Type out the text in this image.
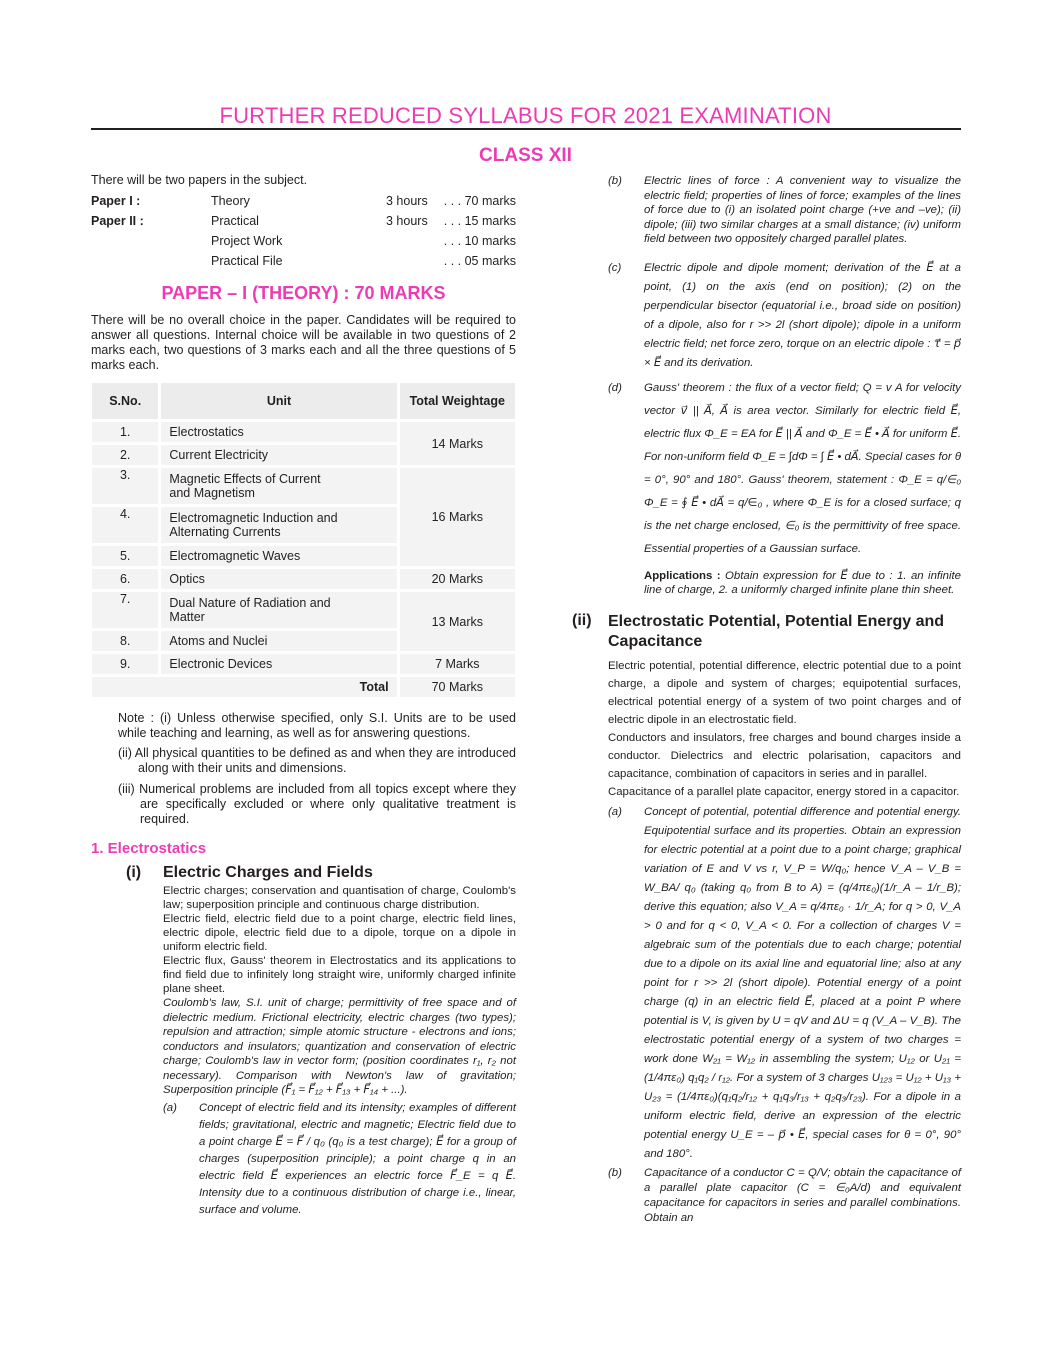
FURTHER REDUCED SYLLABUS FOR 2021 EXAMINATION
CLASS XII
There will be two papers in the subject.
Paper I :	Theory	3 hours	. . . 70 marks
Paper II :	Practical	3 hours	. . . 15 marks
Project Work	. . . 10 marks
Practical File	. . . 05 marks
PAPER – I (THEORY) : 70 MARKS
There will be no overall choice in the paper. Candidates will be required to answer all questions. Internal choice will be available in two questions of 2 marks each, two questions of 3 marks each and all the three questions of 5 marks each.
S.No.	Unit	Total Weightage
1.	Electrostatics	14 Marks
2.	Current Electricity	
3.	Magnetic Effects of Current and Magnetism	16 Marks
4.	Electromagnetic Induction and Alternating Currents	

5.	Electromagnetic Waves	
6.	Optics	20 Marks
7.	Dual Nature of Radiation and Matter	13 Marks
8.	Atoms and Nuclei	
9.	Electronic Devices	7 Marks
Total		70 Marks
Note : (i) Unless otherwise specified, only S.I. Units are to be used while teaching and learning, as well as for answering questions.
(ii) All physical quantities to be defined as and when they are introduced along with their units and dimensions.
(iii) Numerical problems are included from all topics except where they are specifically excluded or where only qualitative treatment is required.
1. Electrostatics
(i) Electric Charges and Fields
Electric charges; conservation and quantisation of charge, Coulomb's law; superposition principle and continuous charge distribution.
Electric field, electric field due to a point charge, electric field lines, electric dipole, electric field due to a dipole, torque on a dipole in uniform electric field.
Electric flux, Gauss' theorem in Electrostatics and its applications to find field due to infinitely long straight wire, uniformly charged infinite plane sheet.
Coulomb's law, S.I. unit of charge; permittivity of free space and of dielectric medium. Frictional electricity, electric charges (two types); repulsion and attraction; simple atomic structure - electrons and ions; conductors and insulators; quantization and conservation of electric charge; Coulomb's law in vector form; (position coordinates r₁, r₂ not necessary). Comparison with Newton's law of gravitation; Superposition principle (F⃗₁ = F⃗₁₂ + F⃗₁₃ + F⃗₁₄ + ...).
(a)	Concept of electric field and its intensity; examples of different fields; gravitational, electric and magnetic; Electric field due to a point charge E⃗ = F⃗ / q₀ (q₀ is a test charge); E⃗ for a group of charges (superposition principle); a point charge q in an electric field E⃗ experiences an electric force F⃗_E = q E⃗. Intensity due to a continuous distribution of charge i.e., linear, surface and volume.
(b)	Electric lines of force : A convenient way to visualize the electric field; properties of lines of force; examples of the lines of force due to (i) an isolated point charge (+ve and –ve); (ii) dipole; (iii) two similar charges at a small distance; (iv) uniform field between two oppositely charged parallel plates.
(c)	Electric dipole and dipole moment; derivation of the E⃗ at a point, (1) on the axis (end on position); (2) on the perpendicular bisector (equatorial i.e., broad side on position) of a dipole, also for r >> 2l (short dipole); dipole in a uniform electric field; net force zero, torque on an electric dipole : τ⃗ = p⃗ × E⃗ and its derivation.
(d)	Gauss' theorem : the flux of a vector field; Q = v A for velocity vector v⃗ || A⃗, A⃗ is area vector. Similarly for electric field E⃗, electric flux Φ_E = EA for E⃗ || A⃗ and Φ_E = E⃗ • A⃗ for uniform E⃗. For non-uniform field Φ_E = ∫dΦ = ∫ E⃗ • dA⃗. Special cases for θ = 0°, 90° and 180°. Gauss' theorem, statement : Φ_E = q/∈₀ Φ_E = ∮ E⃗ • dA⃗ = q/∈₀ , where Φ_E is for a closed surface; q is the net charge enclosed, ∈₀ is the permittivity of free space. Essential properties of a Gaussian surface.
Applications : Obtain expression for E⃗ due to : 1. an infinite line of charge, 2. a uniformly charged infinite plane thin sheet.
(ii) Electrostatic Potential, Potential Energy and Capacitance
Electric potential, potential difference, electric potential due to a point charge, a dipole and system of charges; equipotential surfaces, electrical potential energy of a system of two point charges and of electric dipole in an electrostatic field.
Conductors and insulators, free charges and bound charges inside a conductor. Dielectrics and electric polarisation, capacitors and capacitance, combination of capacitors in series and in parallel.
Capacitance of a parallel plate capacitor, energy stored in a capacitor.
(a)	Concept of potential, potential difference and potential energy. Equipotential surface and its properties. Obtain an expression for electric potential at a point due to a point charge; graphical variation of E and V vs r, V_P = W/q₀; hence V_A – V_B = W_BA/ q₀ (taking q₀ from B to A) = (q/4πε₀)(1/r_A – 1/r_B); derive this equation; also V_A = q/4πε₀ · 1/r_A; for q > 0, V_A > 0 and for q < 0, V_A < 0. For a collection of charges V = algebraic sum of the potentials due to each charge; potential due to a dipole on its axial line and equatorial line; also at any point for r >> 2l (short dipole). Potential energy of a point charge (q) in an electric field E⃗, placed at a point P where potential is V, is given by U = qV and ΔU = q (V_A – V_B). The electrostatic potential energy of a system of two charges = work done W₂₁ = W₁₂ in assembling the system; U₁₂ or U₂₁ = (1/4πε₀) q₁q₂ / r₁₂. For a system of 3 charges U₁₂₃ = U₁₂ + U₁₃ + U₂₃ = (1/4πε₀)(q₁q₂/r₁₂ + q₁q₃/r₁₃ + q₂q₃/r₂₃). For a dipole in a uniform electric field, derive an expression of the electric potential energy U_E = – p⃗ • E⃗, special cases for θ = 0°, 90° and 180°.
(b)	Capacitance of a conductor C = Q/V; obtain the capacitance of a parallel plate capacitor (C = ∈₀A/d) and equivalent capacitance for capacitors in series and parallel combinations. Obtain an
